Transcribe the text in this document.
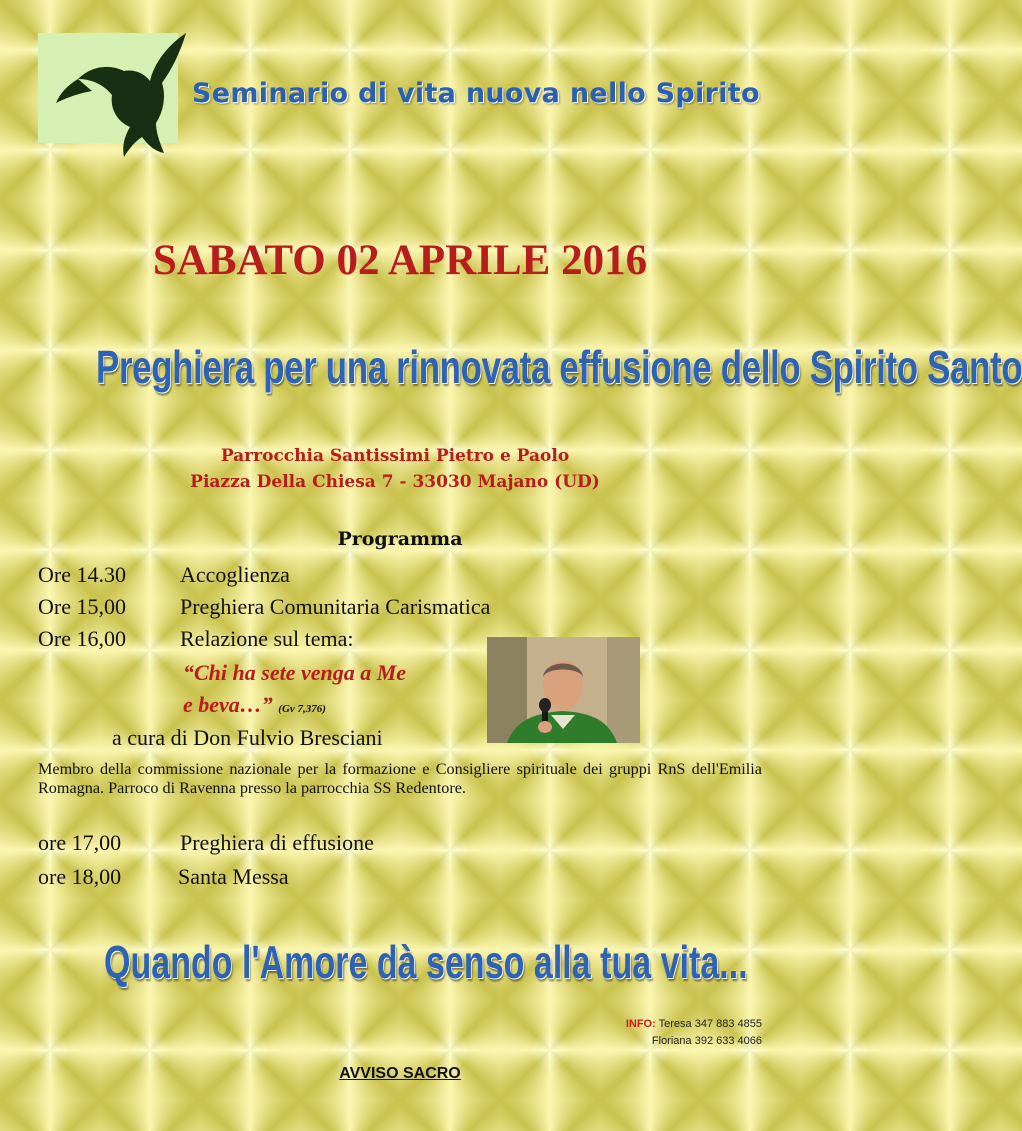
Seminario di vita nuova nello Spirito
SABATO 02 APRILE 2016
Preghiera per una rinnovata effusione dello Spirito Santo
Parrocchia Santissimi Pietro e Paolo
Piazza Della Chiesa 7 - 33030 Majano (UD)
Programma
Ore 14.30 Accoglienza
Ore 15,00 Preghiera Comunitaria Carismatica
Ore 16,00 Relazione sul tema:
“Chi ha sete venga a Me
e beva…” (Gv 7,376)
a cura di Don Fulvio Bresciani
Membro della commissione nazionale per la formazione e Consigliere spirituale dei gruppi RnS dell'Emilia Romagna. Parroco di Ravenna presso la parrocchia SS Redentore.
ore 17,00	Preghiera di effusione
ore 18,00	Santa Messa
Quando l'Amore dà senso alla tua vita...
INFO: Teresa 347 883 4855
Floriana 392 633 4066
AVVISO SACRO
